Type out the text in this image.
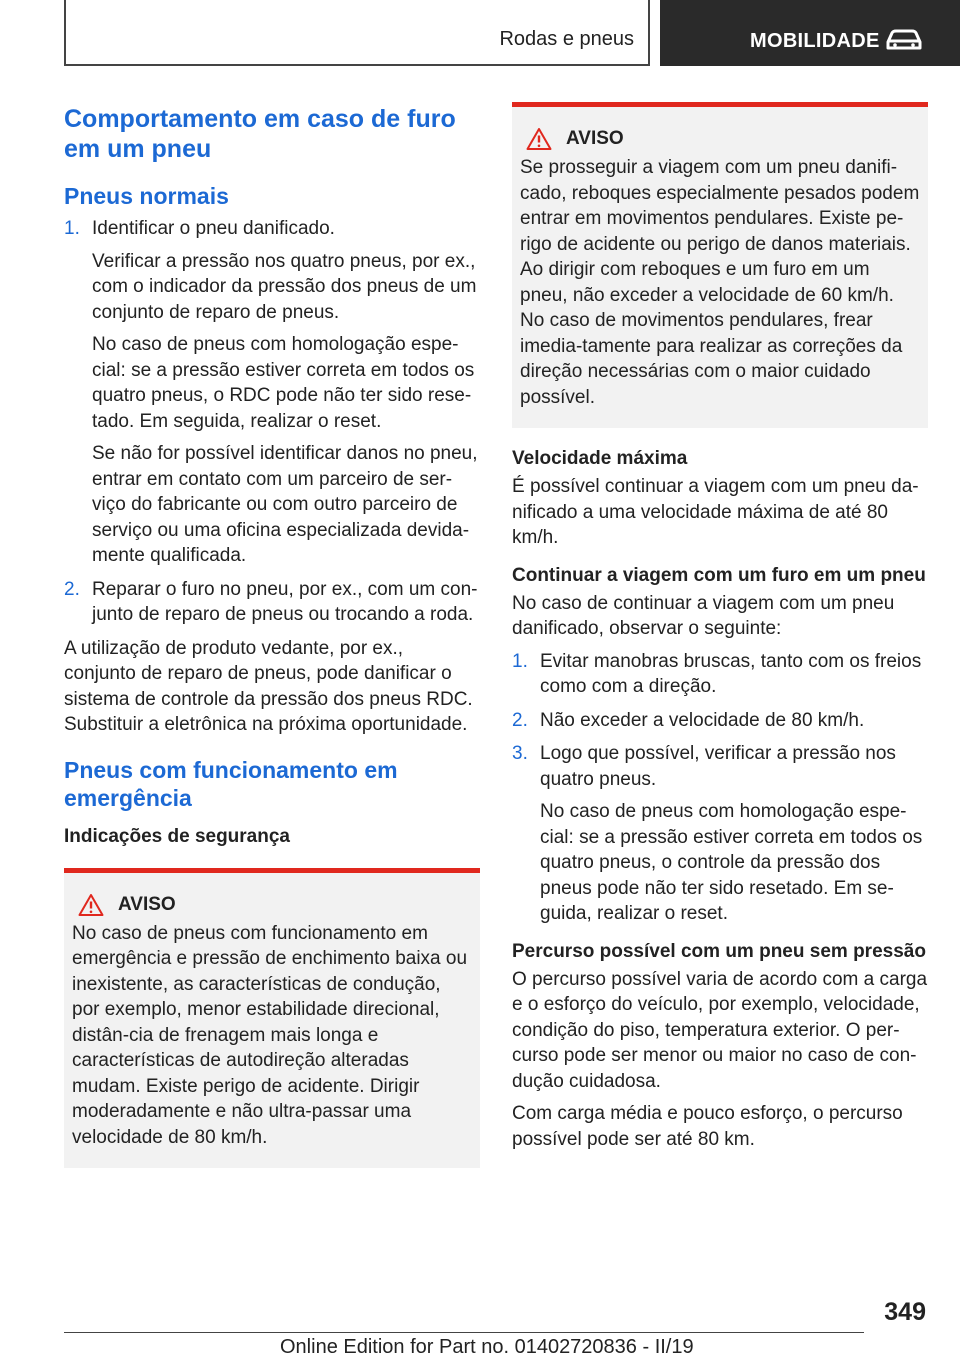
Rodas e pneus	MOBILIDADE
Comportamento em caso de furo em um pneu
Pneus normais
1. Identificar o pneu danificado.

Verificar a pressão nos quatro pneus, por ex., com o indicador da pressão dos pneus de um conjunto de reparo de pneus.

No caso de pneus com homologação espe-cial: se a pressão estiver correta em todos os quatro pneus, o RDC pode não ter sido rese-tado. Em seguida, realizar o reset.

Se não for possível identificar danos no pneu, entrar em contato com um parceiro de ser-viço do fabricante ou com outro parceiro de serviço ou uma oficina especializada devida-mente qualificada.

2. Reparar o furo no pneu, por ex., com um con-junto de reparo de pneus ou trocando a roda.

A utilização de produto vedante, por ex., conjunto de reparo de pneus, pode danificar o sistema de controle da pressão dos pneus RDC. Substituir a eletrônica na próxima oportunidade.

Pneus com funcionamento em emergência
Indicações de segurança
AVISO

No caso de pneus com funcionamento em emergência e pressão de enchimento baixa ou inexistente, as características de condução, por exemplo, menor estabilidade direcional, distân-cia de frenagem mais longa e características de autodireção alteradas mudam. Existe perigo de acidente. Dirigir moderadamente e não ultra-passar uma velocidade de 80 km/h.

AVISO

Se prosseguir a viagem com um pneu danifi-cado, reboques especialmente pesados podem entrar em movimentos pendulares. Existe pe-rigo de acidente ou perigo de danos materiais. Ao dirigir com reboques e um furo em um pneu, não exceder a velocidade de 60 km/h. No caso de movimentos pendulares, frear imedia-tamente para realizar as correções da direção necessárias com o maior cuidado possível.

Velocidade máxima

É possível continuar a viagem com um pneu da-nificado a uma velocidade máxima de até 80 km/h.

Continuar a viagem com um furo em um pneu

No caso de continuar a viagem com um pneu danificado, observar o seguinte:

1. Evitar manobras bruscas, tanto com os freios como com a direção.

2. Não exceder a velocidade de 80 km/h.

3. Logo que possível, verificar a pressão nos quatro pneus.

No caso de pneus com homologação espe-cial: se a pressão estiver correta em todos os quatro pneus, o controle da pressão dos pneus pode não ter sido resetado. Em se-guida, realizar o reset.

Percurso possível com um pneu sem pressão

O percurso possível varia de acordo com a carga e o esforço do veículo, por exemplo, velocidade, condição do piso, temperatura exterior. O per-curso pode ser menor ou maior no caso de con-dução cuidadosa.

Com carga média e pouco esforço, o percurso possível pode ser até 80 km.

349
Online Edition for Part no. 01402720836 - II/19
